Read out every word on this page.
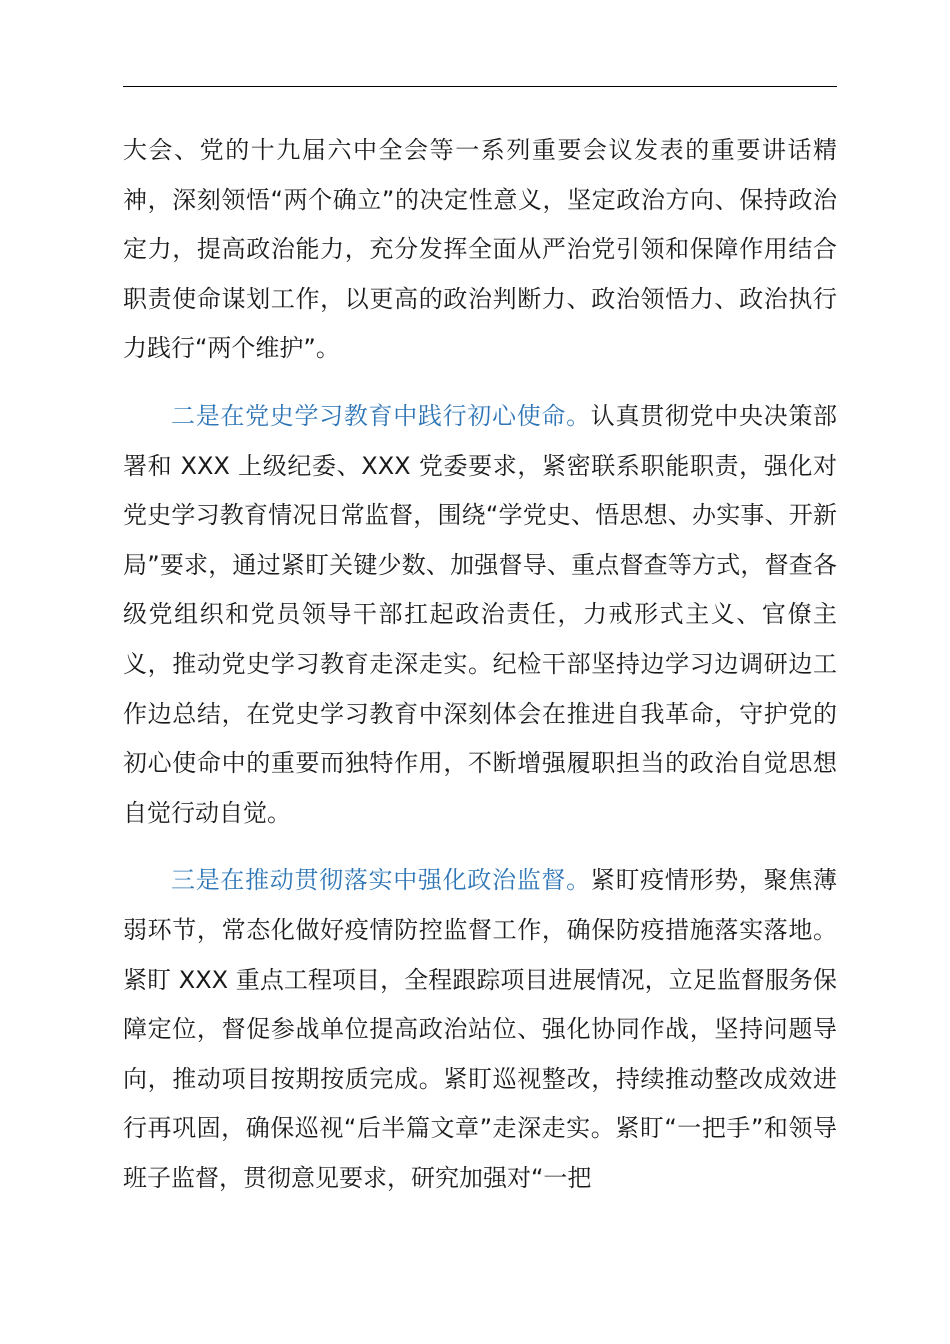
大会、党的十九届六中全会等一系列重要会议发表的重要讲话精神，深刻领悟“两个确立”的决定性意义，坚定政治方向、保持政治定力，提高政治能力，充分发挥全面从严治党引领和保障作用结合职责使命谋划工作，以更高的政治判断力、政治领悟力、政治执行力践行“两个维护”。

二是在党史学习教育中践行初心使命。认真贯彻党中央决策部署和 XXX 上级纪委、XXX 党委要求，紧密联系职能职责，强化对党史学习教育情况日常监督，围绕“学党史、悟思想、办实事、开新局”要求，通过紧盯关键少数、加强督导、重点督查等方式，督查各级党组织和党员领导干部扛起政治责任，力戒形式主义、官僚主义，推动党史学习教育走深走实。纪检干部坚持边学习边调研边工作边总结，在党史学习教育中深刻体会在推进自我革命，守护党的初心使命中的重要而独特作用，不断增强履职担当的政治自觉思想自觉行动自觉。

三是在推动贯彻落实中强化政治监督。紧盯疫情形势，聚焦薄弱环节，常态化做好疫情防控监督工作，确保防疫措施落实落地。紧盯 XXX 重点工程项目，全程跟踪项目进展情况，立足监督服务保障定位，督促参战单位提高政治站位、强化协同作战，坚持问题导向，推动项目按期按质完成。紧盯巡视整改，持续推动整改成效进行再巩固，确保巡视“后半篇文章”走深走实。紧盯“一把手”和领导班子监督，贯彻意见要求，研究加强对“一把
